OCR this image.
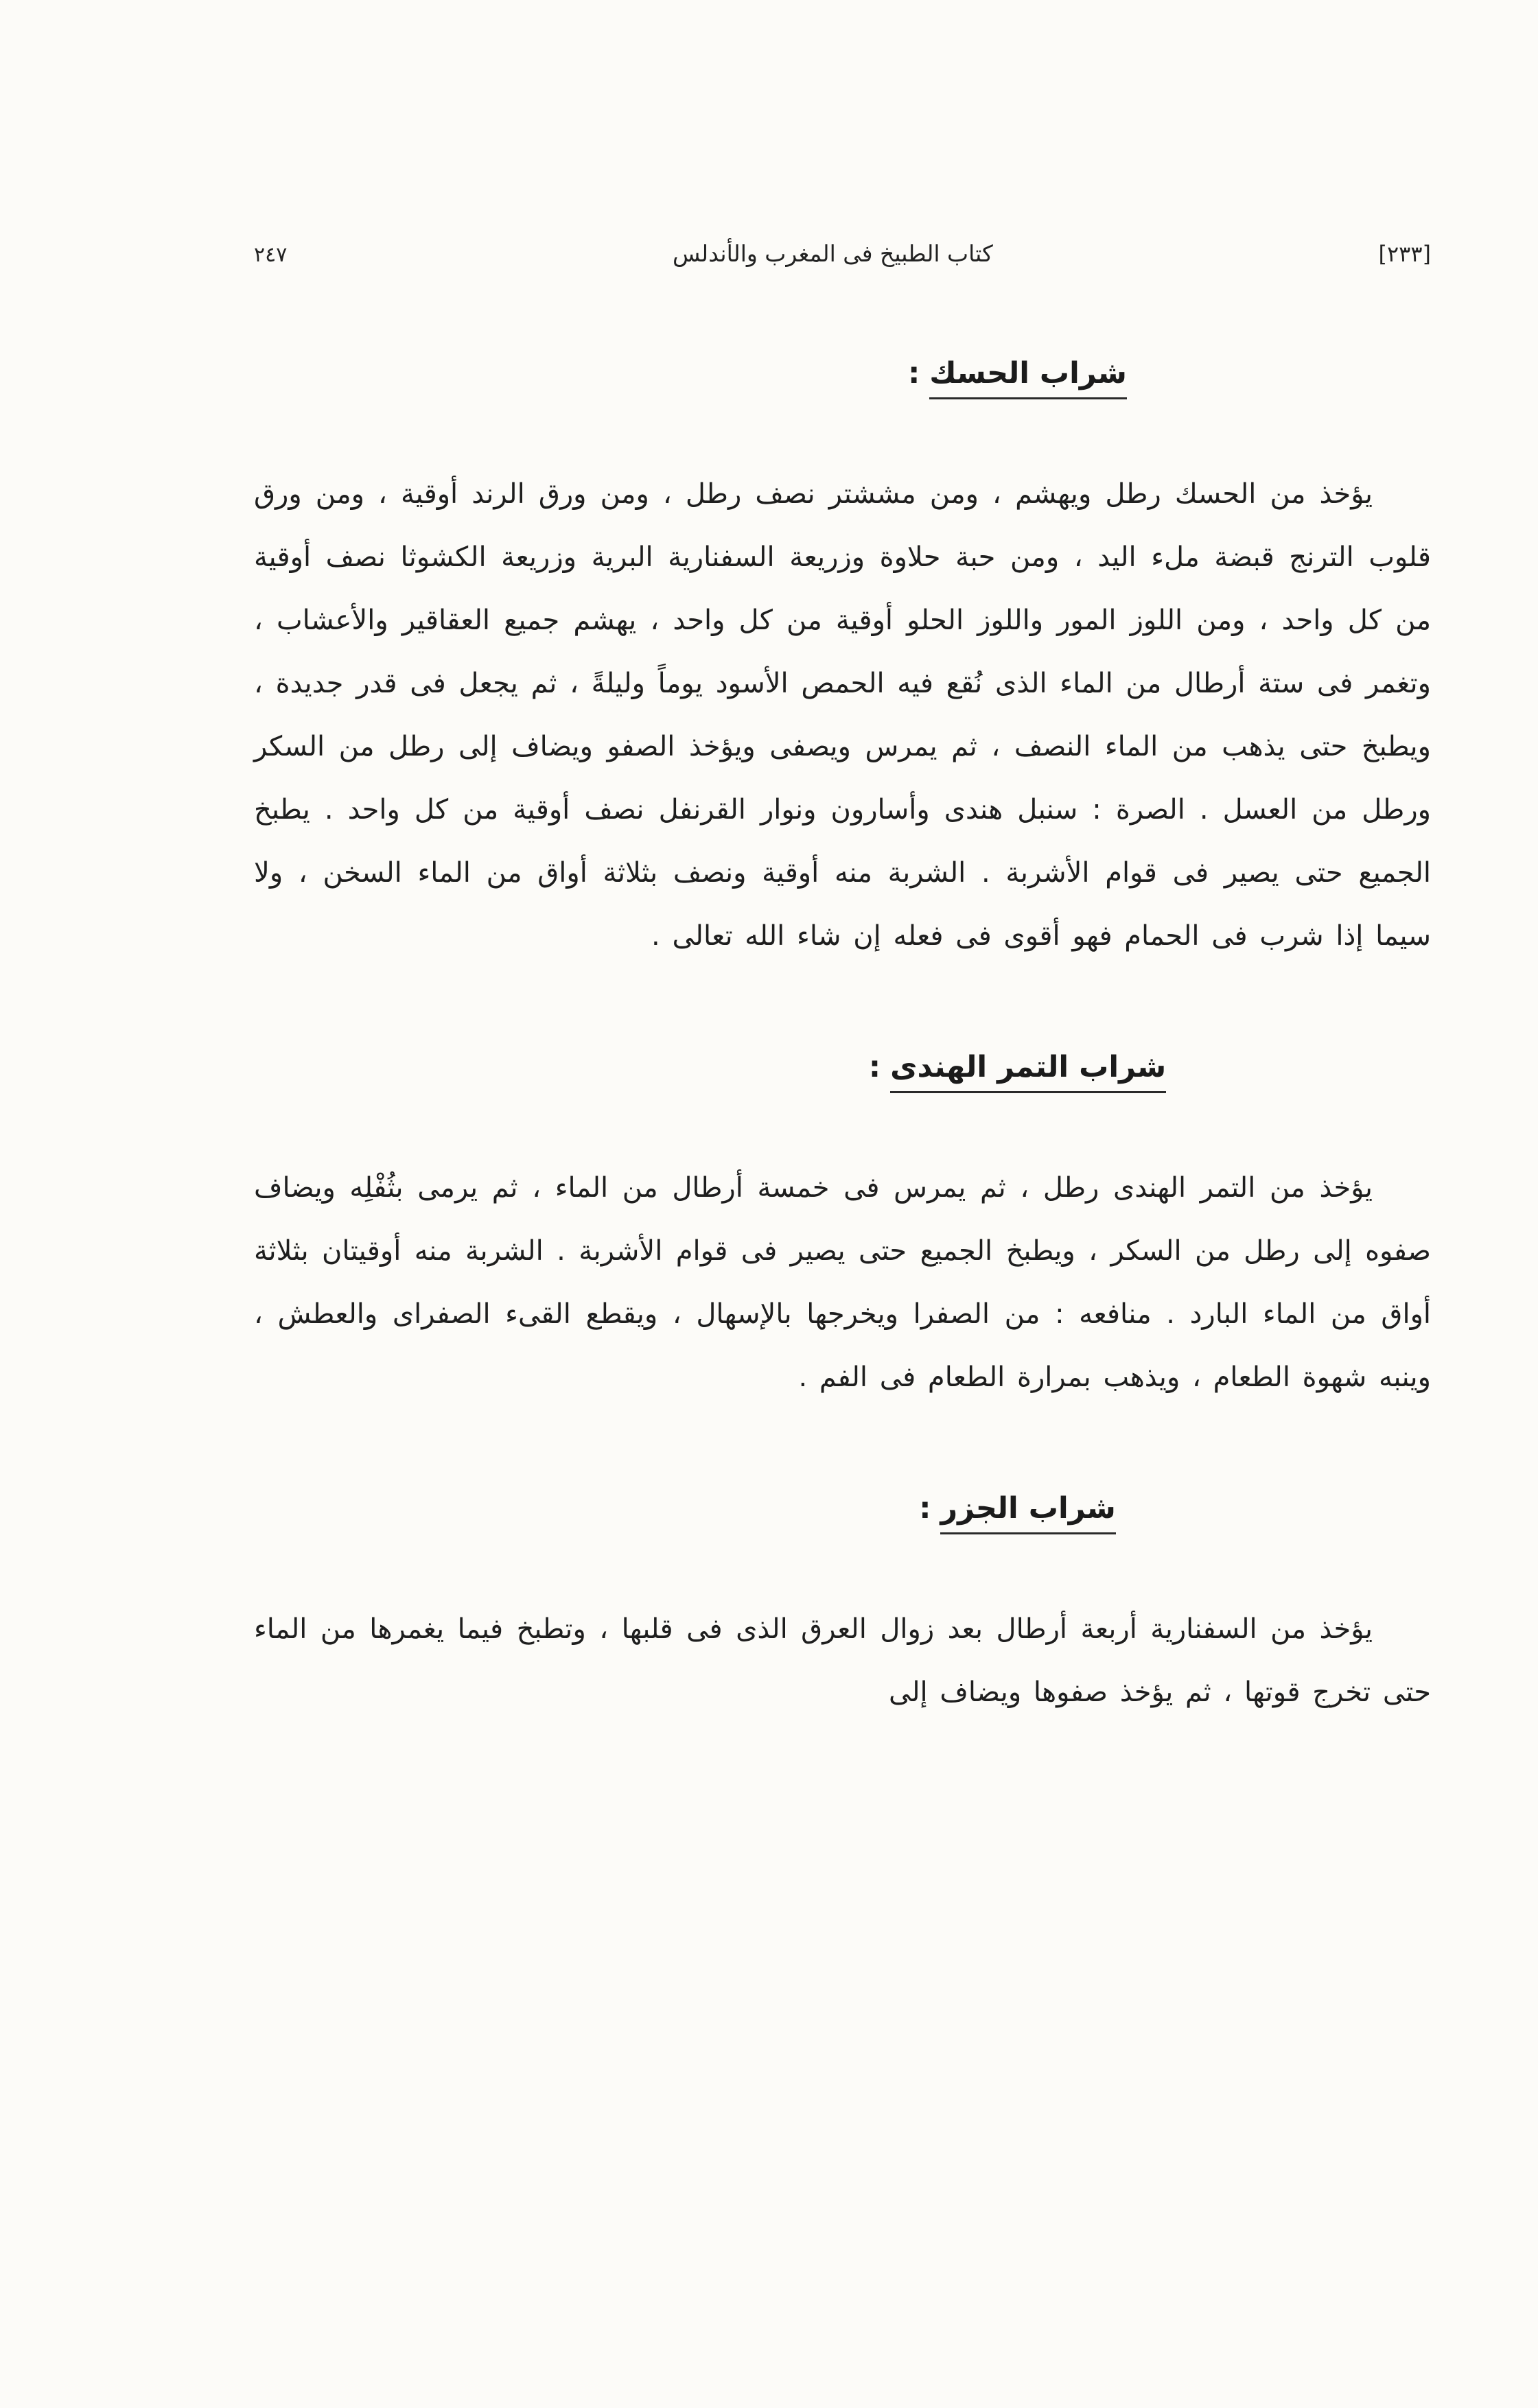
٢٤٧	كتاب الطبيخ فى المغرب والأندلس	[٢٣٣]
شراب الحسك:

يؤخذ من الحسك رطل ويهشم ، ومن مششتر نصف رطل ، ومن ورق الرند أوقية ، ومن ورق قلوب الترنج قبضة ملء اليد ، ومن حبة حلاوة وزريعة السفنارية البرية وزريعة الكشوثا نصف أوقية من كل واحد ، ومن اللوز المور واللوز الحلو أوقية من كل واحد ، يهشم جميع العقاقير والأعشاب ، وتغمر فى ستة أرطال من الماء الذى نُقع فيه الحمص الأسود يوماً وليلةً ، ثم يجعل فى قدر جديدة ، ويطبخ حتى يذهب من الماء النصف ، ثم يمرس ويصفى ويؤخذ الصفو ويضاف إلى رطل من السكر ورطل من العسل . الصرة : سنبل هندى وأسارون ونوار القرنفل نصف أوقية من كل واحد . يطبخ الجميع حتى يصير فى قوام الأشربة . الشربة منه أوقية ونصف بثلاثة أواق من الماء السخن ، ولا سيما إذا شرب فى الحمام فهو أقوى فى فعله إن شاء الله تعالى .

شراب التمر الهندى:

يؤخذ من التمر الهندى رطل ، ثم يمرس فى خمسة أرطال من الماء ، ثم يرمى بثُفْلِه ويضاف صفوه إلى رطل من السكر ، ويطبخ الجميع حتى يصير فى قوام الأشربة . الشربة منه أوقيتان بثلاثة أواق من الماء البارد . منافعه : من الصفرا ويخرجها بالإسهال ، ويقطع القىء الصفراى والعطش ، وينبه شهوة الطعام ، ويذهب بمرارة الطعام فى الفم .

شراب الجزر:

يؤخذ من السفنارية أربعة أرطال بعد زوال العرق الذى فى قلبها ، وتطبخ فيما يغمرها من الماء حتى تخرج قوتها ، ثم يؤخذ صفوها ويضاف إلى
